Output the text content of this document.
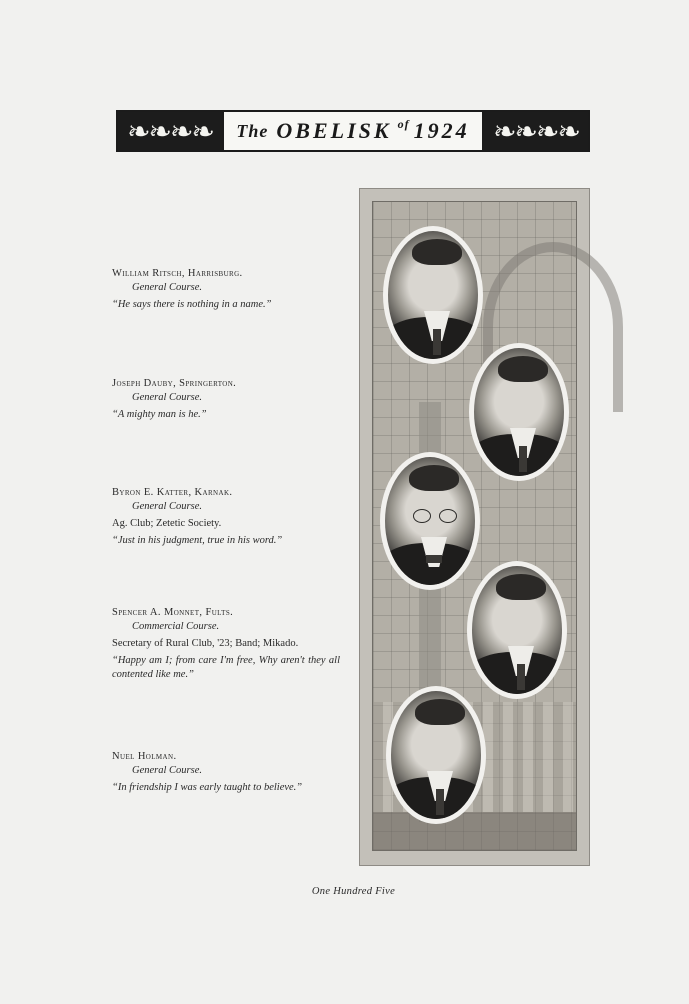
❧❧❧❧	The OBELISK of 1924 ❧❧❧❧
William Ritsch, Harrisburg.
General Course.
“He says there is nothing in a name.”
Joseph Dauby, Springerton.
General Course.
“A mighty man is he.”
Byron E. Katter, Karnak.
General Course.
Ag. Club; Zetetic Society.
“Just in his judgment, true in his word.”
Spencer A. Monnet, Fults.
Commercial Course.
Secretary of Rural Club, '23; Band; Mikado.
“Happy am I; from care I'm free, Why aren't they all contented like me.”
Nuel Holman.
General Course.
“In friendship I was early taught to believe.”
One Hundred Five
